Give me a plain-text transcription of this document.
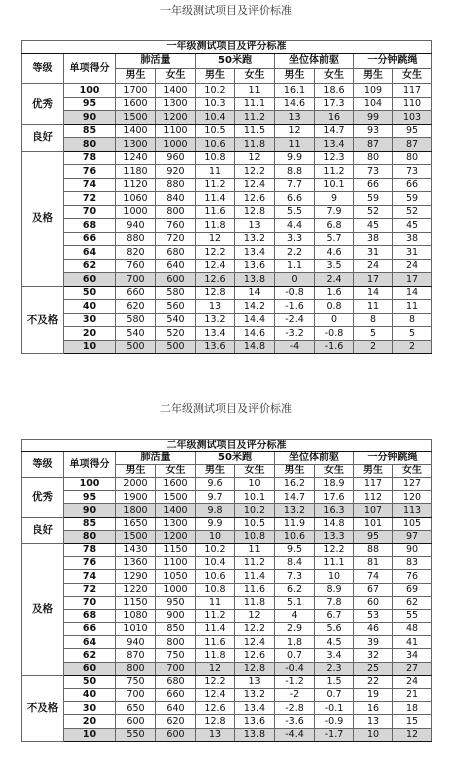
一年级测试项目及评价标准
一年级测试项目及评分标准									
等级	单项得分	肺活量		50米跑		坐位体前驱		一分钟跳绳	
		男生	女生	男生	女生	男生	女生	男生	女生
优秀	100	1700	1400	10.2	11	16.1	18.6	109	117
	95	1600	1300	10.3	11.1	14.6	17.3	104	110
	90	1500	1200	10.4	11.2	13	16	99	103
良好	85	1400	1100	10.5	11.5	12	14.7	93	95
	80	1300	1000	10.6	11.8	11	13.4	87	87
及格	78	1240	960	10.8	12	9.9	12.3	80	80
	76	1180	920	11	12.2	8.8	11.2	73	73
	74	1120	880	11.2	12.4	7.7	10.1	66	66
	72	1060	840	11.4	12.6	6.6	9	59	59
	70	1000	800	11.6	12.8	5.5	7.9	52	52
	68	940	760	11.8	13	4.4	6.8	45	45
	66	880	720	12	13.2	3.3	5.7	38	38
	64	820	680	12.2	13.4	2.2	4.6	31	31
	62	760	640	12.4	13.6	1.1	3.5	24	24
	60	700	600	12.6	13.8	0	2.4	17	17
不及格	50	660	580	12.8	14	-0.8	1.6	14	14
	40	620	560	13	14.2	-1.6	0.8	11	11
	30	580	540	13.2	14.4	-2.4	0	8	8
	20	540	520	13.4	14.6	-3.2	-0.8	5	5
	10	500	500	13.6	14.8	-4	-1.6	2	2
二年级测试项目及评价标准
二年级测试项目及评分标准									
等级	单项得分	肺活量		50米跑		坐位体前驱		一分钟跳绳	
		男生	女生	男生	女生	男生	女生	男生	女生
优秀	100	2000	1600	9.6	10	16.2	18.9	117	127
	95	1900	1500	9.7	10.1	14.7	17.6	112	120
	90	1800	1400	9.8	10.2	13.2	16.3	107	113
良好	85	1650	1300	9.9	10.5	11.9	14.8	101	105
	80	1500	1200	10	10.8	10.6	13.3	95	97
及格	78	1430	1150	10.2	11	9.5	12.2	88	90
	76	1360	1100	10.4	11.2	8.4	11.1	81	83
	74	1290	1050	10.6	11.4	7.3	10	74	76
	72	1220	1000	10.8	11.6	6.2	8.9	67	69
	70	1150	950	11	11.8	5.1	7.8	60	62
	68	1080	900	11.2	12	4	6.7	53	55
	66	1010	850	11.4	12.2	2.9	5.6	46	48
	64	940	800	11.6	12.4	1.8	4.5	39	41
	62	870	750	11.8	12.6	0.7	3.4	32	34
	60	800	700	12	12.8	-0.4	2.3	25	27
不及格	50	750	680	12.2	13	-1.2	1.5	22	24
	40	700	660	12.4	13.2	-2	0.7	19	21
	30	650	640	12.6	13.4	-2.8	-0.1	16	18
	20	600	620	12.8	13.6	-3.6	-0.9	13	15
	10	550	600	13	13.8	-4.4	-1.7	10	12
